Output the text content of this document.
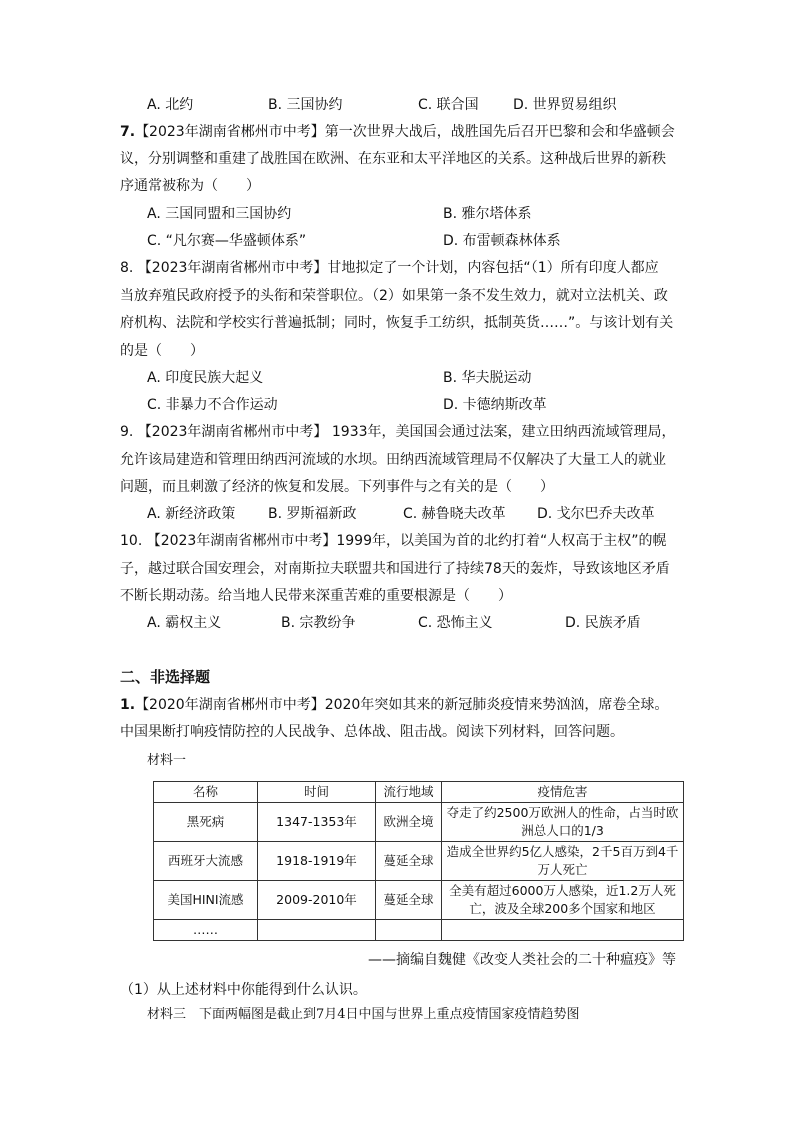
A. 北约	B. 三国协约	C. 联合国 D. 世界贸易组织
7.【2023年湖南省郴州市中考】第一次世界大战后，战胜国先后召开巴黎和会和华盛顿会
议，分别调整和重建了战胜国在欧洲、在东亚和太平洋地区的关系。这种战后世界的新秩
序通常被称为（　　）
A. 三国同盟和三国协约	B. 雅尔塔体系
C. “凡尔赛—华盛顿体系”	D. 布雷顿森林体系
8. 【2023年湖南省郴州市中考】甘地拟定了一个计划，内容包括“（1）所有印度人都应
当放弃殖民政府授予的头衔和荣誉职位。（2）如果第一条不发生效力，就对立法机关、政
府机构、法院和学校实行普遍抵制；同时，恢复手工纺织，抵制英货……”。与该计划有关
的是（　　）
A. 印度民族大起义	B. 华夫脱运动
C. 非暴力不合作运动	D. 卡德纳斯改革
9. 【2023年湖南省郴州市中考】 1933年，美国国会通过法案，建立田纳西流域管理局，
允许该局建造和管理田纳西河流域的水坝。田纳西流域管理局不仅解决了大量工人的就业
问题，而且刺激了经济的恢复和发展。下列事件与之有关的是（　　）
A. 新经济政策 B. 罗斯福新政	C. 赫鲁晓夫改革 D. 戈尔巴乔夫改革
10. 【2023年湖南省郴州市中考】1999年，以美国为首的北约打着“人权高于主权”的幌
子，越过联合国安理会，对南斯拉夫联盟共和国进行了持续78天的轰炸，导致该地区矛盾
不断长期动荡。给当地人民带来深重苦难的重要根源是（　　）
A. 霸权主义	B. 宗教纷争	C. 恐怖主义	D. 民族矛盾
二、非选择题
1.【2020年湖南省郴州市中考】2020年突如其来的新冠肺炎疫情来势汹汹，席卷全球。
中国果断打响疫情防控的人民战争、总体战、阻击战。阅读下列材料，回答问题。
材料一
名称	时间	流行地域	疫情危害
黑死病	1347-1353年	欧洲全境	夺走了约2500万欧洲人的性命，占当时欧洲总人口的1/3
西班牙大流感	1918-1919年	蔓延全球	造成全世界约5亿人感染，2千5百万到4千万人死亡
美国HINI流感	2009-2010年	蔓延全球	全美有超过6000万人感染，近1.2万人死亡，波及全球200多个国家和地区
……			
——摘编自魏健《改变人类社会的二十种瘟疫》等
（1）从上述材料中你能得到什么认识。
材料三　下面两幅图是截止到7月4日中国与世界上重点疫情国家疫情趋势图
